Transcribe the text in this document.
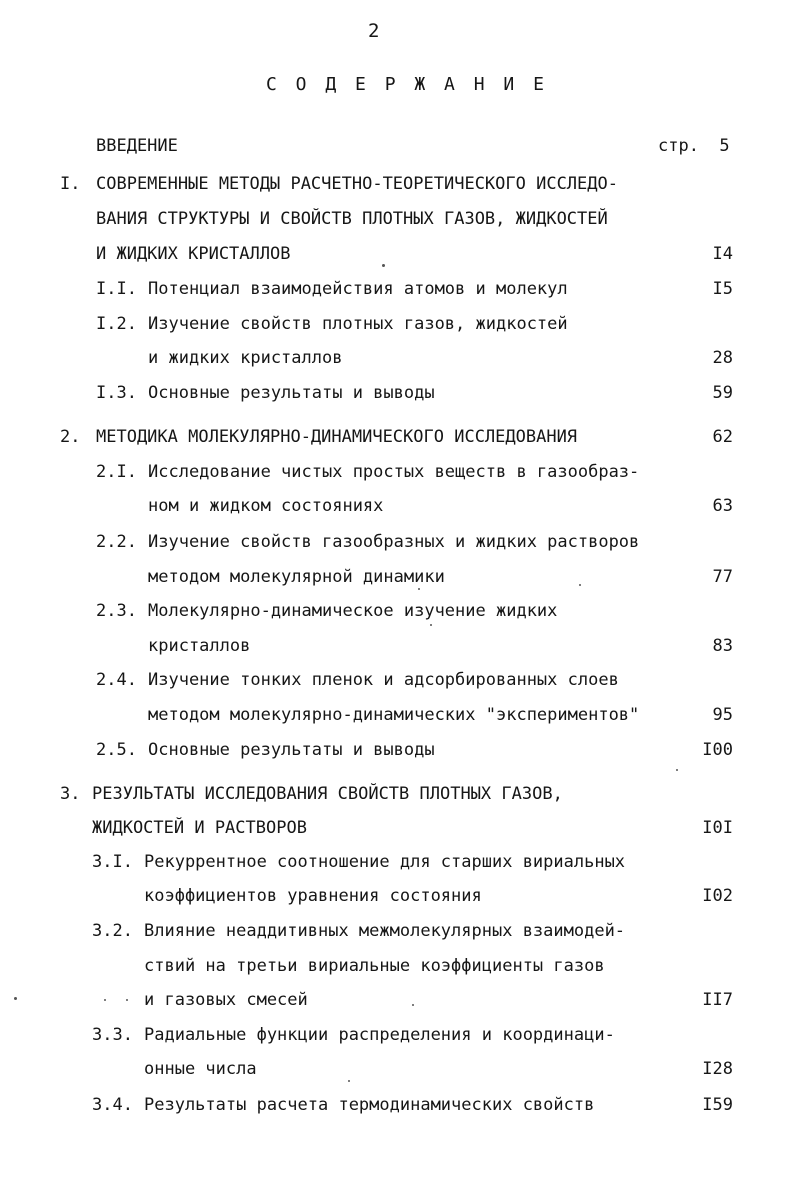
2
С О Д Е Р Ж А Н И Е
ВВЕДЕНИЕ	стр.  5
I. СОВРЕМЕННЫЕ МЕТОДЫ РАСЧЕТНО-ТЕОРЕТИЧЕСКОГО ИССЛЕДО-
ВАНИЯ СТРУКТУРЫ И СВОЙСТВ ПЛОТНЫХ ГАЗОВ, ЖИДКОСТЕЙ
И ЖИДКИХ КРИСТАЛЛОВ	I4
I.I. Потенциал взаимодействия атомов и молекул	I5
I.2. Изучение свойств плотных газов, жидкостей
и жидких кристаллов	28
I.3. Основные результаты и выводы	59
2. МЕТОДИКА МОЛЕКУЛЯРНО-ДИНАМИЧЕСКОГО ИССЛЕДОВАНИЯ	62
2.I. Исследование чистых простых веществ в газообраз-
ном и жидком состояниях	63
2.2. Изучение свойств газообразных и жидких растворов
методом молекулярной динамики	77
2.3. Молекулярно-динамическое изучение жидких
кристаллов	83
2.4. Изучение тонких пленок и адсорбированных слоев
методом молекулярно-динамических "экспериментов"	95
2.5. Основные результаты и выводы	I00
3. РЕЗУЛЬТАТЫ ИССЛЕДОВАНИЯ СВОЙСТВ ПЛОТНЫХ ГАЗОВ,
ЖИДКОСТЕЙ И РАСТВОРОВ	I0I
3.I. Рекуррентное соотношение для старших вириальных
коэффициентов уравнения состояния	I02
3.2. Влияние неаддитивных межмолекулярных взаимодей-
ствий на третьи вириальные коэффициенты газов
и газовых смесей	II7
3.3. Радиальные функции распределения и координаци-
онные числа	I28
3.4. Результаты расчета термодинамических свойств	I59
